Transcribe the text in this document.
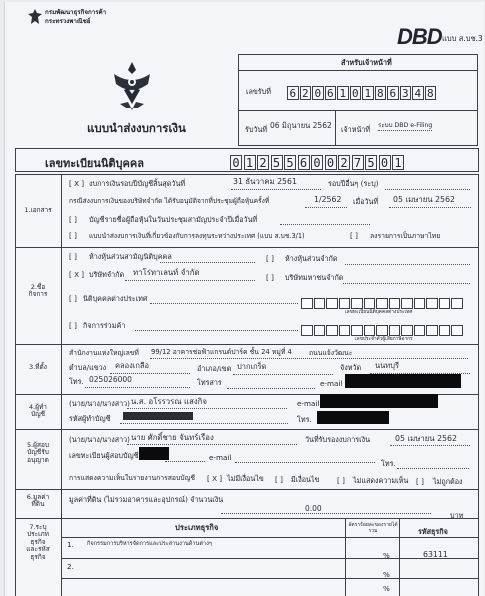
กรมพัฒนาธุรกิจการค้า
กระทรวงพาณิชย์
DBD แบบ ส.บช.3
สำหรับเจ้าหน้าที่
เลขรับที่ 6 2 0 6 1 0 1 8 6 3 4 8
รับวันที่ 06 มิถุนายน 2562 เจ้าหน้าที่ ระบบ DBD e-Filing
แบบนำส่งงบการเงิน
เลขทะเบียนนิติบุคคล	0 1 2 5 5 6 0 0 2 7 5 0 1
1.เอกสาร
[ X ] งบการเงินรอบปีบัญชีสิ้นสุดวันที่	31 ธันวาคม 2561	รอบปีอื่นๆ (ระบุ)
กรณีส่งงบการเงินของบริษัทจำกัด ได้รับอนุมัติจากที่ประชุมผู้ถือหุ้นครั้งที่	1/2562 เมื่อวันที่ 05 เมษายน 2562
[ ] บัญชีรายชื่อผู้ถือหุ้นในวันประชุมสามัญประจำปีเมื่อวันที่
[ ] แบบนำส่งงบการเงินที่เกี่ยวข้องกับการลงทุนระหว่างประเทศ (แบบ ส.บช.3/1)	[ ] ลงรายการเป็นภาษาไทย
2.ชื่อ
กิจการ
[ ] ห้างหุ้นส่วนสามัญนิติบุคคล	[ ] ห้างหุ้นส่วนจำกัด
[ X ] บริษัทจำกัด ทาโร่ทาเลนท์ จำกัด
[ ] บริษัทมหาชนจำกัด
[ ] นิติบุคคลต่างประเทศ
เลขทะเบียนนิติบุคคลต่างประเทศ
[ ] กิจการร่วมค้า
เลขประจำตัวผู้เสียภาษีอากร
3.ที่ตั้ง
สำนักงานแห่งใหญ่เลขที่ 99/12 อาคารช่อฟ้าแกรนด์ปาร์ค ชั้น 24 หมู่ที่ 4	ถนนแจ้งวัฒนะ
ตำบล/แขวง คลองเกลือ	อำเภอ/เขต ปากเกร็ด	จังหวัด นนทบุรี
โทร. 025026000	โทรสาร	e-mail
4.ผู้ทำ
บัญชี
(นาย/นาง/นางสาว) น.ส. อโรรวรณ แสงกิจ	e-mail
รหัสผู้ทำบัญชี	โทร.
5.ผู้สอบ
บัญชีรับ
อนุญาต
(นาย/นาง/นางสาว) นาย ศักดิ์ชาย จันทร์เรือง	วันที่รับรองงบการเงิน	05 เมษายน 2562
เลขทะเบียนผู้สอบบัญชี	e-mail
โทร.
การแสดงความเห็นในรายงานการสอบบัญชี [ X ] ไม่มีเงื่อนไข [ ] มีเงื่อนไข [ ] ไม่แสดงความเห็น [ ] ไม่ถูกต้อง
6.มูลค่า
ที่ดิน
มูลค่าที่ดิน (ไม่รวมอาคารและอุปกรณ์) จำนวนเงิน
0.00
บาท
7.ระบุ
ประเภท
ธุรกิจ
และรหัส
ธุรกิจ
ประเภทธุรกิจ	อัตราร้อยละของรายได้รวม	รหัสธุรกิจ
1. กิจกรรมการบริหารจัดการและประสานงานด้านต่างๆ
%	63111
2.
%
%
